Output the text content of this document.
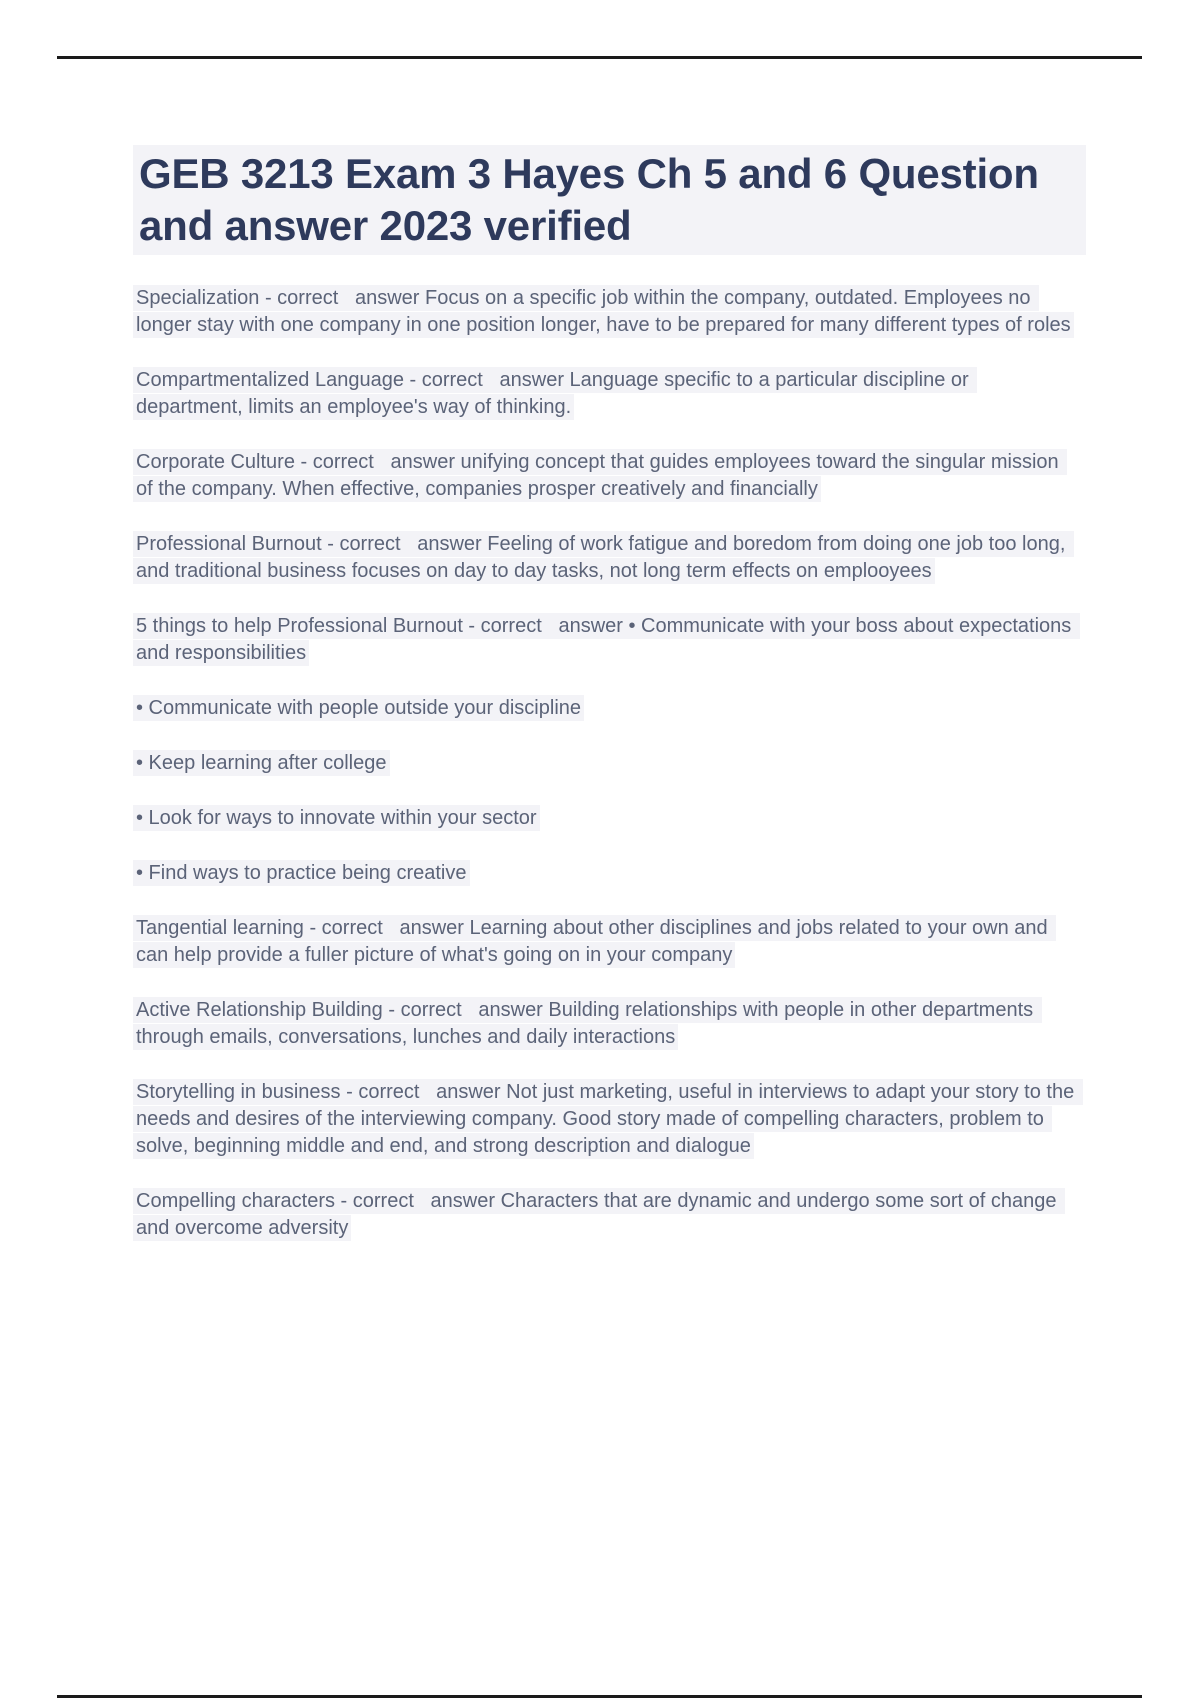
GEB 3213 Exam 3 Hayes Ch 5 and 6 Question and answer 2023 verified

Specialization - correct   answer Focus on a specific job within the company, outdated. Employees no longer stay with one company in one position longer, have to be prepared for many different types of roles

Compartmentalized Language - correct   answer Language specific to a particular discipline or department, limits an employee's way of thinking.

Corporate Culture - correct   answer unifying concept that guides employees toward the singular mission of the company. When effective, companies prosper creatively and financially

Professional Burnout - correct   answer Feeling of work fatigue and boredom from doing one job too long, and traditional business focuses on day to day tasks, not long term effects on emplooyees

5 things to help Professional Burnout - correct   answer • Communicate with your boss about expectations and responsibilities

• Communicate with people outside your discipline

• Keep learning after college

• Look for ways to innovate within your sector

• Find ways to practice being creative

Tangential learning - correct   answer Learning about other disciplines and jobs related to your own and can help provide a fuller picture of what's going on in your company

Active Relationship Building - correct   answer Building relationships with people in other departments through emails, conversations, lunches and daily interactions

Storytelling in business - correct   answer Not just marketing, useful in interviews to adapt your story to the needs and desires of the interviewing company. Good story made of compelling characters, problem to solve, beginning middle and end, and strong description and dialogue

Compelling characters - correct   answer Characters that are dynamic and undergo some sort of change and overcome adversity
